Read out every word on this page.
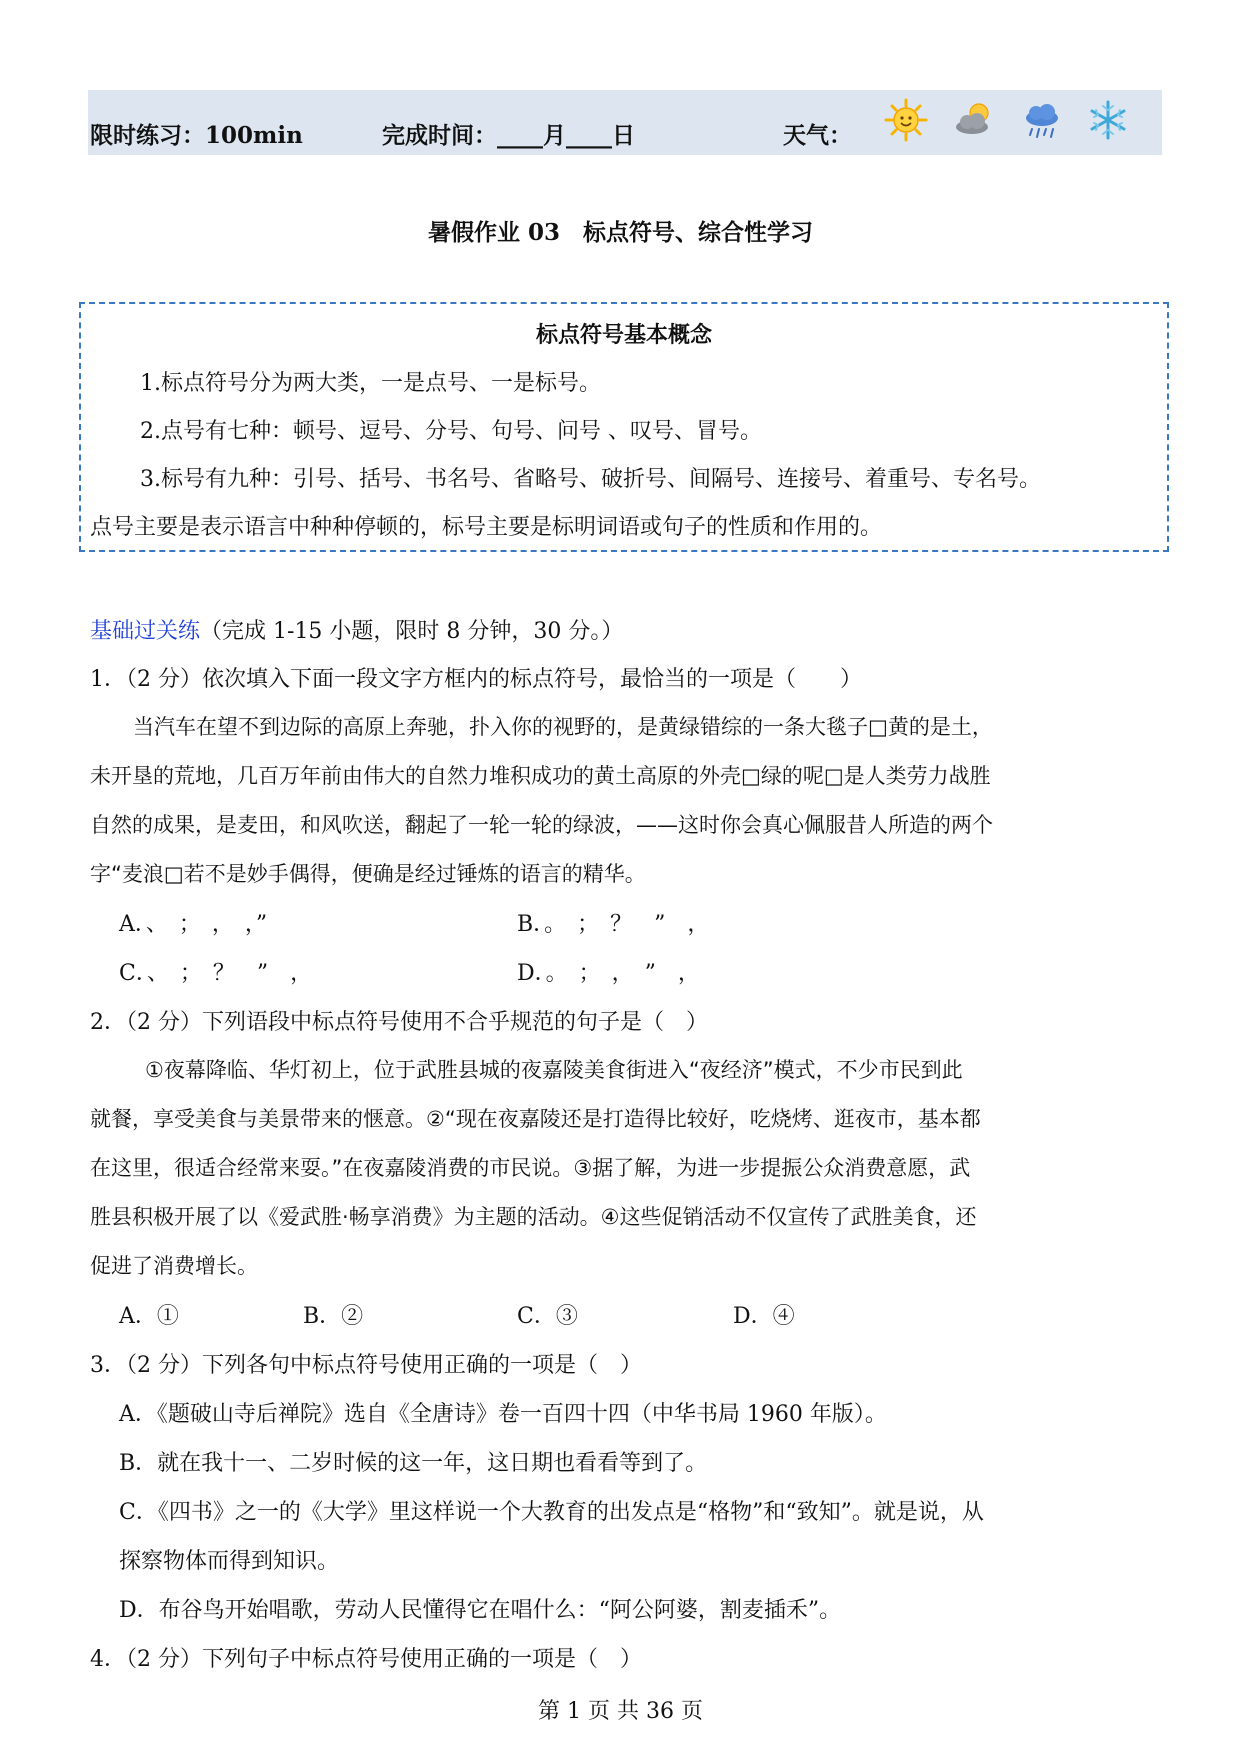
限时练习：100min	完成时间：____月____日	天气：
暑假作业 03　标点符号、综合性学习
标点符号基本概念
1.标点符号分为两大类，一是点号、一是标号。
2.点号有七种：顿号、逗号、分号、句号、问号 、叹号、冒号。
3.标号有九种：引号、括号、书名号、省略号、破折号、间隔号、连接号、着重号、专名号。
点号主要是表示语言中种种停顿的，标号主要是标明词语或句子的性质和作用的。
基础过关练（完成 1-15 小题，限时 8 分钟，30 分。）
1．（2 分）依次填入下面一段文字方框内的标点符号，最恰当的一项是（　　）
当汽车在望不到边际的高原上奔驰，扑入你的视野的，是黄绿错综的一条大毯子□黄的是土，
未开垦的荒地，几百万年前由伟大的自然力堆积成功的黄土高原的外壳□绿的呢□是人类劳力战胜
自然的成果，是麦田，和风吹送，翻起了一轮一轮的绿波，——这时你会真心佩服昔人所造的两个
字“麦浪□若不是妙手偶得，便确是经过锤炼的语言的精华。
A．、　；　，　，”	B．。　；　？　”　，
C．、　；　？　”　，	D．。　；　，　”　，
2．（2 分）下列语段中标点符号使用不合乎规范的句子是（　）
①夜幕降临、华灯初上，位于武胜县城的夜嘉陵美食街进入“夜经济”模式，不少市民到此
就餐，享受美食与美景带来的惬意。②“现在夜嘉陵还是打造得比较好，吃烧烤、逛夜市，基本都
在这里，很适合经常来耍。”在夜嘉陵消费的市民说。③据了解，为进一步提振公众消费意愿，武
胜县积极开展了以《爱武胜·畅享消费》为主题的活动。④这些促销活动不仅宣传了武胜美食，还
促进了消费增长。
A．①	B．②	C．③	D．④
3．（2 分）下列各句中标点符号使用正确的一项是（　）
A．《题破山寺后禅院》选自《全唐诗》卷一百四十四（中华书局 1960 年版）。
B．就在我十一、二岁时候的这一年，这日期也看看等到了。
C．《四书》之一的《大学》里这样说一个大教育的出发点是“格物”和“致知”。就是说，从
探察物体而得到知识。
D．布谷鸟开始唱歌，劳动人民懂得它在唱什么：“阿公阿婆，割麦插禾”。
4．（2 分）下列句子中标点符号使用正确的一项是（　）
第 1 页 共 36 页
